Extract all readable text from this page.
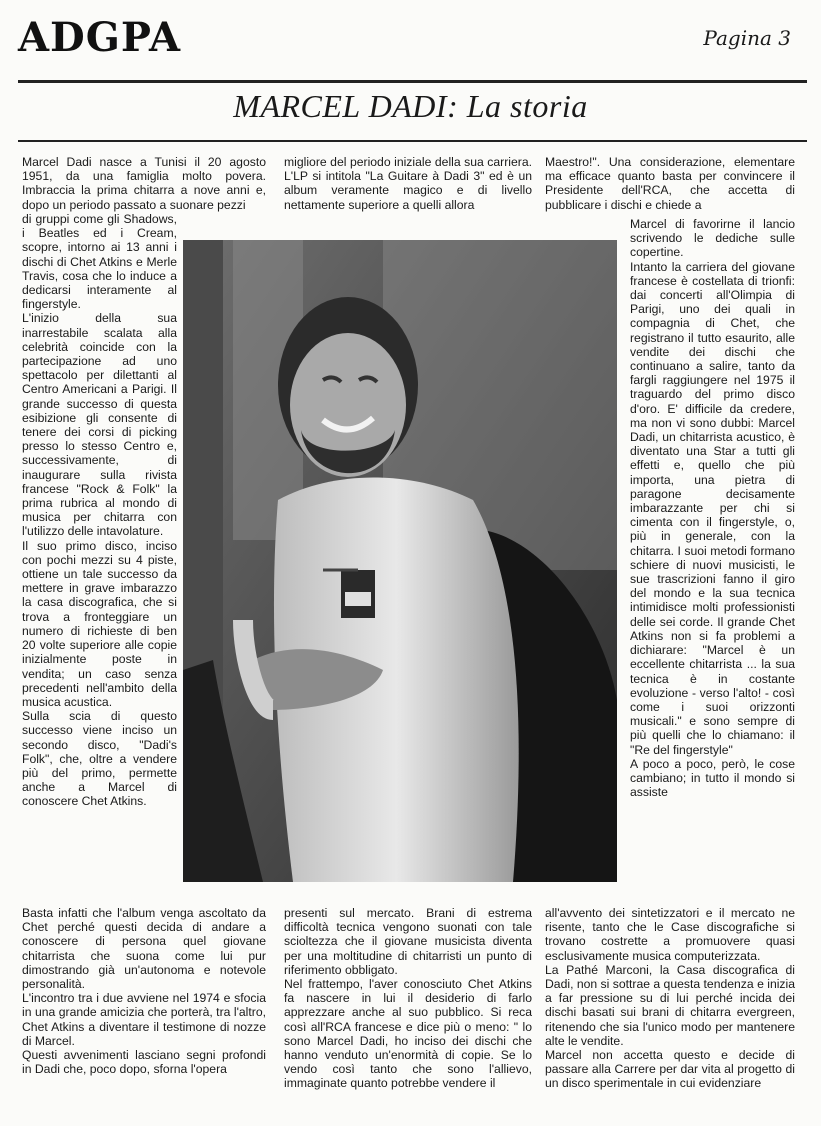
ADGPA	Pagina 3
MARCEL DADI: La storia

Marcel Dadi nasce a Tunisi il 20 agosto 1951, da una famiglia molto povera. Imbraccia la prima chitarra a nove anni e, dopo un periodo passato a suonare pezzi

di gruppi come gli Shadows, i Beatles ed i Cream, scopre, intorno ai 13 anni i dischi di Chet Atkins e Merle Travis, cosa che lo induce a dedicarsi interamente al fingerstyle.

L'inizio della sua inarrestabile scalata alla celebrità coincide con la partecipazione ad uno spettacolo per dilettanti al Centro Americani a Parigi. Il grande successo di questa esibizione gli consente di tenere dei corsi di picking presso lo stesso Centro e, successivamente, di inaugurare sulla rivista francese "Rock & Folk" la prima rubrica al mondo di musica per chitarra con l'utilizzo delle intavolature.

Il suo primo disco, inciso con pochi mezzi su 4 piste, ottiene un tale successo da mettere in grave imbarazzo la casa discografica, che si trova a fronteggiare un numero di richieste di ben 20 volte superiore alle copie inizialmente poste in vendita; un caso senza precedenti nell'ambito della musica acustica.

Sulla scia di questo successo viene inciso un secondo disco, "Dadi's Folk", che, oltre a vendere più del primo, permette anche a Marcel di conoscere Chet Atkins.

Basta infatti che l'album venga ascoltato da Chet perché questi decida di andare a conoscere di persona quel giovane chitarrista che suona come lui pur dimostrando già un'autonoma e notevole personalità.

L'incontro tra i due avviene nel 1974 e sfocia in una grande amicizia che porterà, tra l'altro, Chet Atkins a diventare il testimone di nozze di Marcel.

Questi avvenimenti lasciano segni profondi in Dadi che, poco dopo, sforna l'opera

migliore del periodo iniziale della sua carriera. L'LP si intitola "La Guitare à Dadi 3" ed è un album veramente magico e di livello nettamente superiore a quelli allora

presenti sul mercato. Brani di estrema difficoltà tecnica vengono suonati con tale scioltezza che il giovane musicista diventa per una moltitudine di chitarristi un punto di riferimento obbligato.

Nel frattempo, l'aver conosciuto Chet Atkins fa nascere in lui il desiderio di farlo apprezzare anche al suo pubblico. Si reca così all'RCA francese e dice più o meno: " lo sono Marcel Dadi, ho inciso dei dischi che hanno venduto un'enormità di copie. Se lo vendo così tanto che sono l'allievo, immaginate quanto potrebbe vendere il

Maestro!". Una considerazione, elementare ma efficace quanto basta per convincere il Presidente dell'RCA, che accetta di pubblicare i dischi e chiede a

Marcel di favorirne il lancio scrivendo le dediche sulle copertine.

Intanto la carriera del giovane francese è costellata di trionfi: dai concerti all'Olimpia di Parigi, uno dei quali in compagnia di Chet, che registrano il tutto esaurito, alle vendite dei dischi che continuano a salire, tanto da fargli raggiungere nel 1975 il traguardo del primo disco d'oro. E' difficile da credere, ma non vi sono dubbi: Marcel Dadi, un chitarrista acustico, è diventato una Star a tutti gli effetti e, quello che più importa, una pietra di paragone decisamente imbarazzante per chi si cimenta con il fingerstyle, o, più in generale, con la chitarra. I suoi metodi formano schiere di nuovi musicisti, le sue trascrizioni fanno il giro del mondo e la sua tecnica intimidisce molti professionisti delle sei corde. Il grande Chet Atkins non si fa problemi a dichiarare: "Marcel è un eccellente chitarrista ... la sua tecnica è in costante evoluzione - verso l'alto! - così come i suoi orizzonti musicali." e sono sempre di più quelli che lo chiamano: il "Re del fingerstyle"

A poco a poco, però, le cose cambiano; in tutto il mondo si assiste

all'avvento dei sintetizzatori e il mercato ne risente, tanto che le Case discografiche si trovano costrette a promuovere quasi esclusivamente musica computerizzata.

La Pathé Marconi, la Casa discografica di Dadi, non si sottrae a questa tendenza e inizia a far pressione su di lui perché incida dei dischi basati sui brani di chitarra evergreen, ritenendo che sia l'unico modo per mantenere alte le vendite.

Marcel non accetta questo e decide di passare alla Carrere per dar vita al progetto di un disco sperimentale in cui evidenziare
